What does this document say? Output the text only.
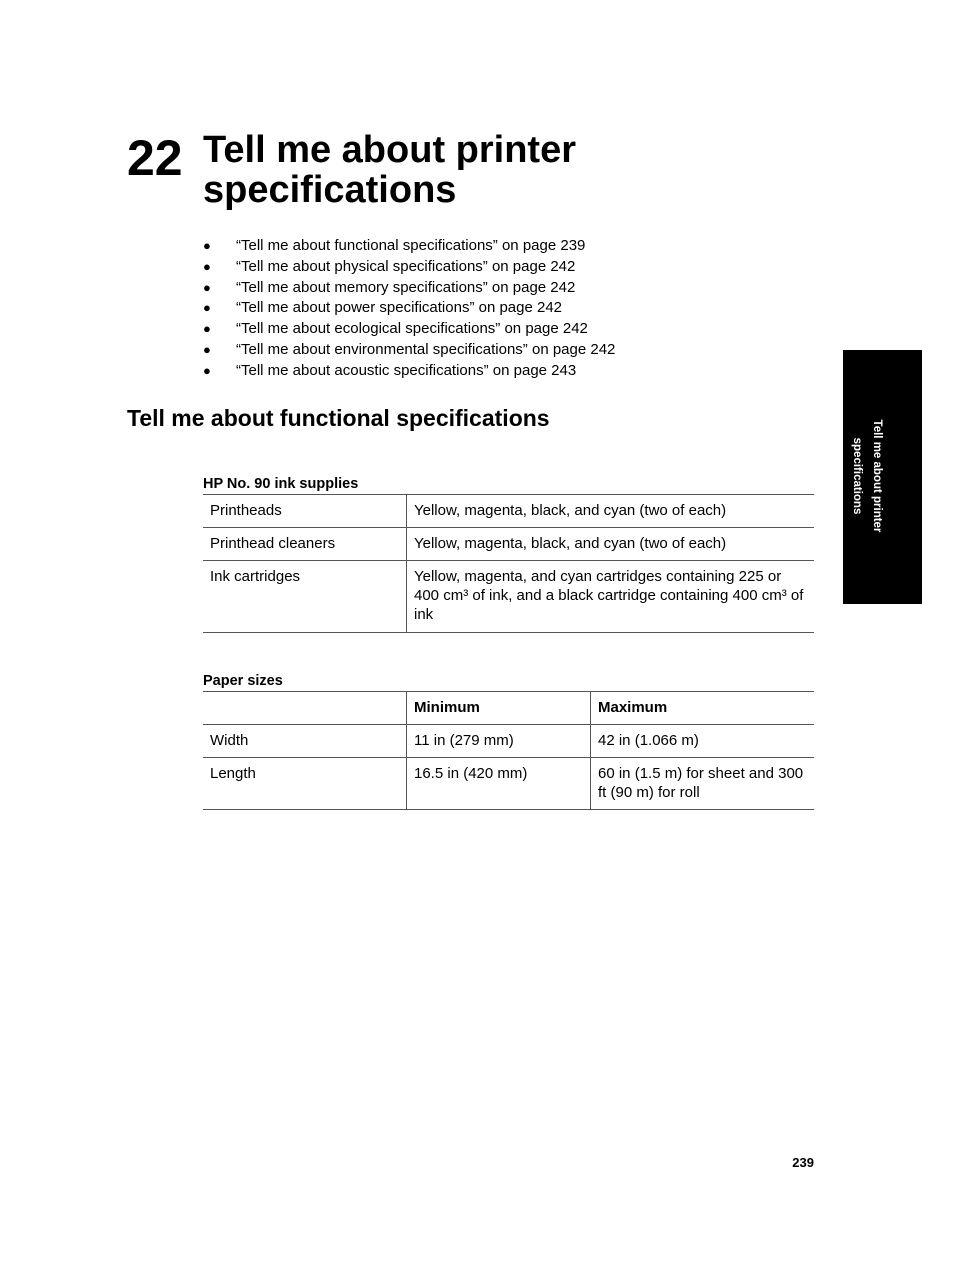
22 Tell me about printer specifications
● “Tell me about functional specifications” on page 239
● “Tell me about physical specifications” on page 242
● “Tell me about memory specifications” on page 242
● “Tell me about power specifications” on page 242
● “Tell me about ecological specifications” on page 242
● “Tell me about environmental specifications” on page 242
● “Tell me about acoustic specifications” on page 243
Tell me about functional specifications
HP No. 90 ink supplies
Printheads	Yellow, magenta, black, and cyan (two of each)
Printhead cleaners	Yellow, magenta, black, and cyan (two of each)
Ink cartridges	Yellow, magenta, and cyan cartridges containing 225 or 400 cm³ of ink, and a black cartridge containing 400 cm³ of ink
Paper sizes
	Minimum	Maximum
Width	11 in (279 mm)	42 in (1.066 m)
Length	16.5 in (420 mm)	60 in (1.5 m) for sheet and 300 ft (90 m) for roll
Tell me about printer specifications
239
